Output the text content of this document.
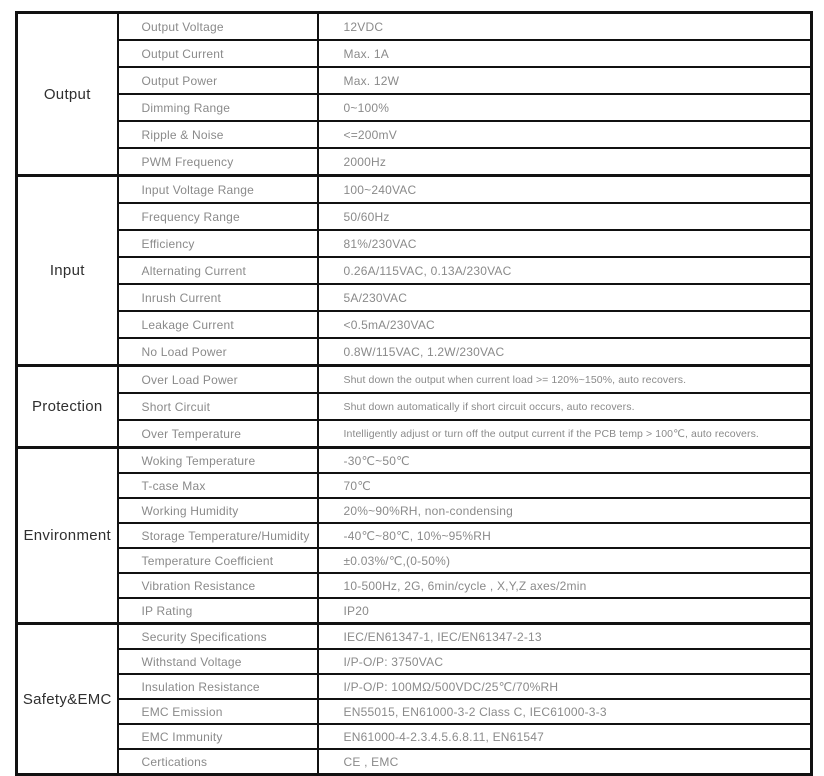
Output	Output Voltage	12VDC
	Output Current	Max. 1A
	Output Power	Max. 12W
	Dimming Range	0~100%
	Ripple & Noise	<=200mV
	PWM Frequency	2000Hz
Input	Input Voltage Range	100~240VAC
	Frequency Range	50/60Hz
	Efficiency	81%/230VAC
	Alternating Current	0.26A/115VAC, 0.13A/230VAC
	Inrush Current	5A/230VAC
	Leakage Current	<0.5mA/230VAC
	No Load Power	0.8W/115VAC, 1.2W/230VAC
Protection	Over Load Power	Shut down the output when current load >= 120%~150%, auto recovers.
	Short Circuit	Shut down automatically if short circuit occurs, auto recovers.
	Over Temperature	Intelligently adjust or turn off the output current if the PCB temp > 100℃, auto recovers.
Environment	Woking Temperature	-30℃~50℃
	T-case Max	70℃
	Working Humidity	20%~90%RH, non-condensing
	Storage Temperature/Humidity	-40℃~80℃, 10%~95%RH
	Temperature Coefficient	±0.03%/℃,(0-50%)
	Vibration Resistance	10-500Hz, 2G, 6min/cycle , X,Y,Z axes/2min
	IP Rating	IP20
Safety&EMC	Security Specifications	IEC/EN61347-1, IEC/EN61347-2-13
	Withstand Voltage	I/P-O/P: 3750VAC
	Insulation Resistance	I/P-O/P: 100MΩ/500VDC/25℃/70%RH
	EMC Emission	EN55015, EN61000-3-2 Class C, IEC61000-3-3
	EMC Immunity	EN61000-4-2.3.4.5.6.8.11, EN61547
	Certications	CE , EMC
